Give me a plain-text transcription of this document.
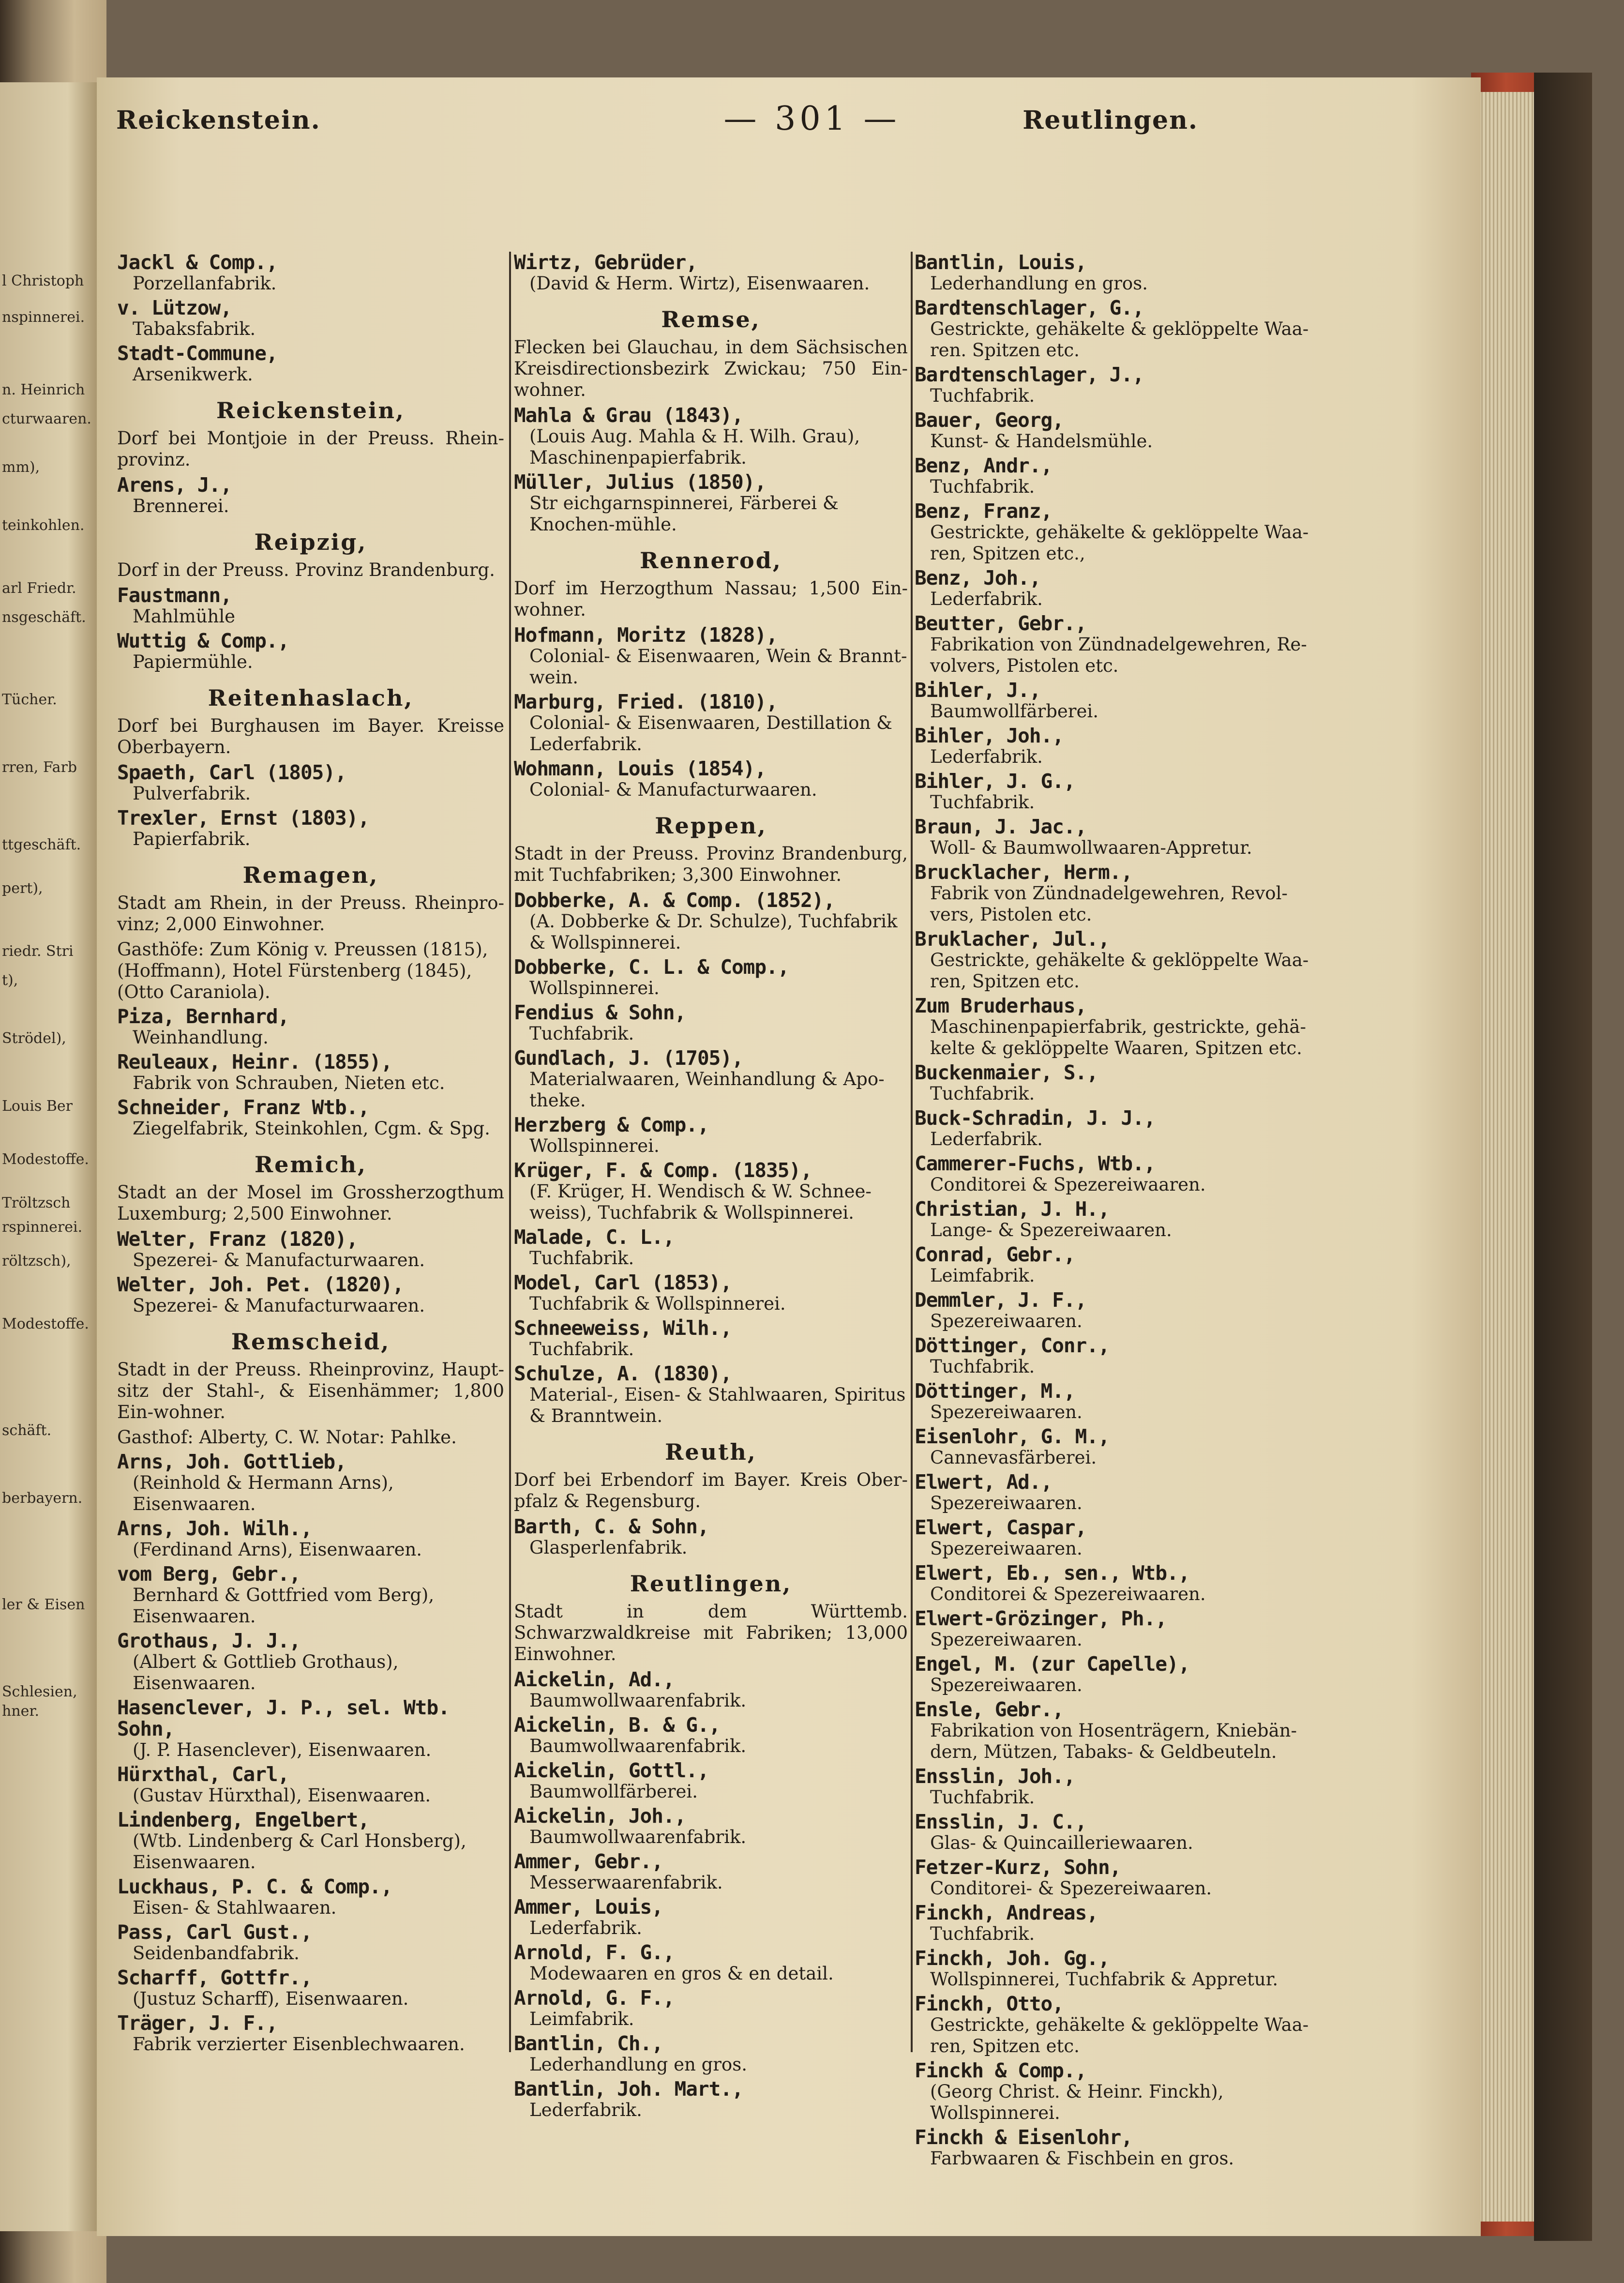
l Christoph
nspinnerei.
n. Heinrich
cturwaaren.
mm),
teinkohlen.
arl Friedr.
nsgeschäft.
Tücher.
rren, Farb
ttgeschäft.
pert),
riedr. Stri
t),
Strödel),
Louis Ber
Modestoffe.
Tröltzsch
rspinnerei.
röltzsch),
Modestoffe.
schäft.
berbayern.
ler & Eisen
Schlesien,
hner.
Reickenstein.	— 301 —	Reutlingen.
Jackl & Comp.,
Porzellanfabrik.
v. Lützow,
Tabaksfabrik.
Stadt-Commune,
Arsenikwerk.
Reickenstein,
Dorf bei Montjoie in der Preuss. Rhein-provinz.
Arens, J.,
Brennerei.
Reipzig,
Dorf in der Preuss. Provinz Brandenburg.
Faustmann,
Mahlmühle
Wuttig & Comp.,
Papiermühle.
Reitenhaslach,
Dorf bei Burghausen im Bayer. Kreisse Oberbayern.
Spaeth, Carl (1805),
Pulverfabrik.
Trexler, Ernst (1803),
Papierfabrik.
Remagen,
Stadt am Rhein, in der Preuss. Rheinpro-vinz; 2,000 Einwohner.
Gasthöfe: Zum König v. Preussen (1815), (Hoffmann), Hotel Fürstenberg (1845), (Otto Caraniola).
Piza, Bernhard,
Weinhandlung.
Reuleaux, Heinr. (1855),
Fabrik von Schrauben, Nieten etc.
Schneider, Franz Wtb.,
Ziegelfabrik, Steinkohlen, Cgm. & Spg.
Remich,
Stadt an der Mosel im Grossherzogthum Luxemburg; 2,500 Einwohner.
Welter, Franz (1820),
Spezerei- & Manufacturwaaren.
Welter, Joh. Pet. (1820),
Spezerei- & Manufacturwaaren.
Remscheid,
Stadt in der Preuss. Rheinprovinz, Haupt-sitz der Stahl-, & Eisenhämmer; 1,800 Ein-wohner.
Gasthof: Alberty, C. W. Notar: Pahlke.
Arns, Joh. Gottlieb,
(Reinhold & Hermann Arns), Eisenwaaren.
Arns, Joh. Wilh.,
(Ferdinand Arns), Eisenwaaren.
vom Berg, Gebr.,
Bernhard & Gottfried vom Berg), Eisenwaaren.
Grothaus, J. J.,
(Albert & Gottlieb Grothaus), Eisenwaaren.
Hasenclever, J. P., sel. Wtb. Sohn,
(J. P. Hasenclever), Eisenwaaren.
Hürxthal, Carl,
(Gustav Hürxthal), Eisenwaaren.
Lindenberg, Engelbert,
(Wtb. Lindenberg & Carl Honsberg), Eisenwaaren.
Luckhaus, P. C. & Comp.,
Eisen- & Stahlwaaren.
Pass, Carl Gust.,
Seidenbandfabrik.
Scharff, Gottfr.,
(Justuz Scharff), Eisenwaaren.
Träger, J. F.,
Fabrik verzierter Eisenblechwaaren.
Wirtz, Gebrüder,
(David & Herm. Wirtz), Eisenwaaren.
Remse,
Flecken bei Glauchau, in dem Sächsischen Kreisdirectionsbezirk Zwickau; 750 Ein-wohner.
Mahla & Grau (1843),
(Louis Aug. Mahla & H. Wilh. Grau), Maschinenpapierfabrik.
Müller, Julius (1850),
Str eichgarnspinnerei, Färberei & Knochen-mühle.
Rennerod,
Dorf im Herzogthum Nassau; 1,500 Ein-wohner.
Hofmann, Moritz (1828),
Colonial- & Eisenwaaren, Wein & Brannt-wein.
Marburg, Fried. (1810),
Colonial- & Eisenwaaren, Destillation & Lederfabrik.
Wohmann, Louis (1854),
Colonial- & Manufacturwaaren.
Reppen,
Stadt in der Preuss. Provinz Brandenburg, mit Tuchfabriken; 3,300 Einwohner.
Dobberke, A. & Comp. (1852),
(A. Dobberke & Dr. Schulze), Tuchfabrik & Wollspinnerei.
Dobberke, C. L. & Comp.,
Wollspinnerei.
Fendius & Sohn,
Tuchfabrik.
Gundlach, J. (1705),
Materialwaaren, Weinhandlung & Apo-theke.
Herzberg & Comp.,
Wollspinnerei.
Krüger, F. & Comp. (1835),
(F. Krüger, H. Wendisch & W. Schnee-weiss), Tuchfabrik & Wollspinnerei.
Malade, C. L.,
Tuchfabrik.
Model, Carl (1853),
Tuchfabrik & Wollspinnerei.
Schneeweiss, Wilh.,
Tuchfabrik.
Schulze, A. (1830),
Material-, Eisen- & Stahlwaaren, Spiritus & Branntwein.
Reuth,
Dorf bei Erbendorf im Bayer. Kreis Ober-pfalz & Regensburg.
Barth, C. & Sohn,
Glasperlenfabrik.
Reutlingen,
Stadt in dem Württemb. Schwarzwaldkreise mit Fabriken; 13,000 Einwohner.
Aickelin, Ad.,
Baumwollwaarenfabrik.
Aickelin, B. & G.,
Baumwollwaarenfabrik.
Aickelin, Gottl.,
Baumwollfärberei.
Aickelin, Joh.,
Baumwollwaarenfabrik.
Ammer, Gebr.,
Messerwaarenfabrik.
Ammer, Louis,
Lederfabrik.
Arnold, F. G.,
Modewaaren en gros & en detail.
Arnold, G. F.,
Leimfabrik.
Bantlin, Ch.,
Lederhandlung en gros.
Bantlin, Joh. Mart.,
Lederfabrik.
Bantlin, Louis,
Lederhandlung en gros.
Bardtenschlager, G.,
Gestrickte, gehäkelte & geklöppelte Waa-ren. Spitzen etc.
Bardtenschlager, J.,
Tuchfabrik.
Bauer, Georg,
Kunst- & Handelsmühle.
Benz, Andr.,
Tuchfabrik.
Benz, Franz,
Gestrickte, gehäkelte & geklöppelte Waa-ren, Spitzen etc.,
Benz, Joh.,
Lederfabrik.
Beutter, Gebr.,
Fabrikation von Zündnadelgewehren, Re-volvers, Pistolen etc.
Bihler, J.,
Baumwollfärberei.
Bihler, Joh.,
Lederfabrik.
Bihler, J. G.,
Tuchfabrik.
Braun, J. Jac.,
Woll- & Baumwollwaaren-Appretur.
Brucklacher, Herm.,
Fabrik von Zündnadelgewehren, Revol-vers, Pistolen etc.
Bruklacher, Jul.,
Gestrickte, gehäkelte & geklöppelte Waa-ren, Spitzen etc.
Zum Bruderhaus,
Maschinenpapierfabrik, gestrickte, gehä-kelte & geklöppelte Waaren, Spitzen etc.
Buckenmaier, S.,
Tuchfabrik.
Buck-Schradin, J. J.,
Lederfabrik.
Cammerer-Fuchs, Wtb.,
Conditorei & Spezereiwaaren.
Christian, J. H.,
Lange- & Spezereiwaaren.
Conrad, Gebr.,
Leimfabrik.
Demmler, J. F.,
Spezereiwaaren.
Döttinger, Conr.,
Tuchfabrik.
Döttinger, M.,
Spezereiwaaren.
Eisenlohr, G. M.,
Cannevasfärberei.
Elwert, Ad.,
Spezereiwaaren.
Elwert, Caspar,
Spezereiwaaren.
Elwert, Eb., sen., Wtb.,
Conditorei & Spezereiwaaren.
Elwert-Grözinger, Ph.,
Spezereiwaaren.
Engel, M. (zur Capelle),
Spezereiwaaren.
Ensle, Gebr.,
Fabrikation von Hosenträgern, Kniebän-dern, Mützen, Tabaks- & Geldbeuteln.
Ensslin, Joh.,
Tuchfabrik.
Ensslin, J. C.,
Glas- & Quincailleriewaaren.
Fetzer-Kurz, Sohn,
Conditorei- & Spezereiwaaren.
Finckh, Andreas,
Tuchfabrik.
Finckh, Joh. Gg.,
Wollspinnerei, Tuchfabrik & Appretur.
Finckh, Otto,
Gestrickte, gehäkelte & geklöppelte Waa-ren, Spitzen etc.
Finckh & Comp.,
(Georg Christ. & Heinr. Finckh), Wollspinnerei.
Finckh & Eisenlohr,
Farbwaaren & Fischbein en gros.
